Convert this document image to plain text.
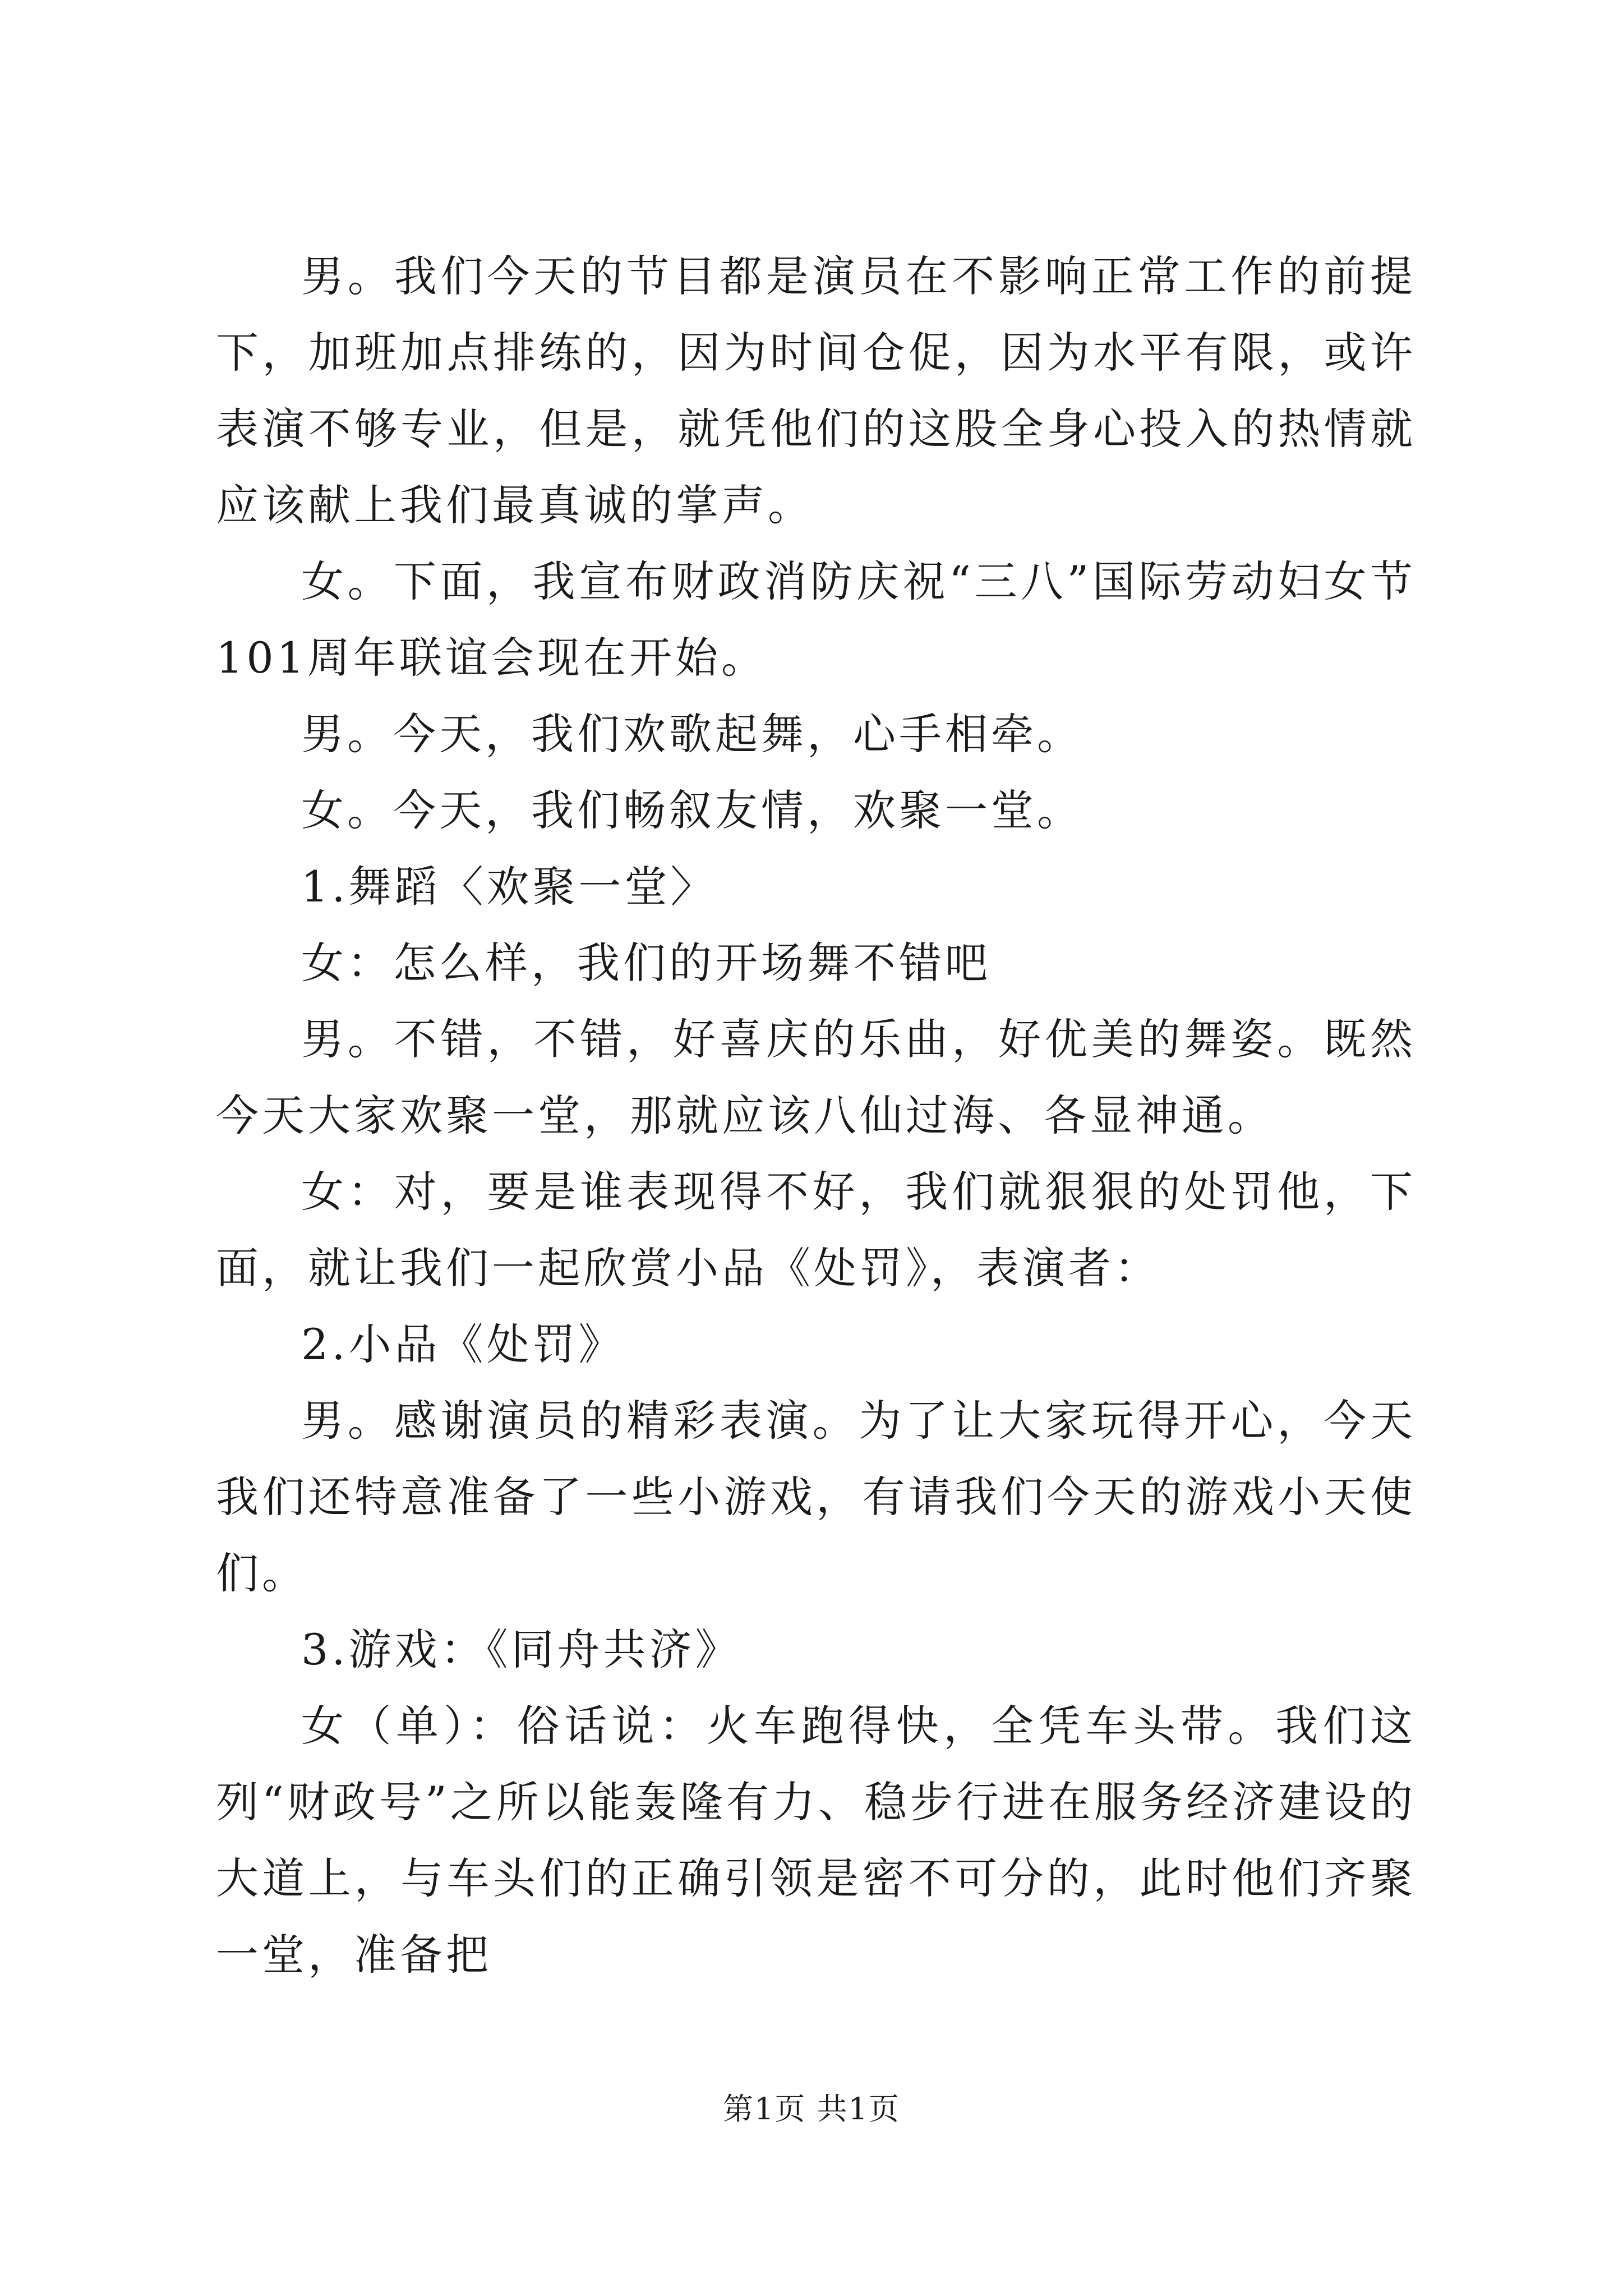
男。我们今天的节目都是演员在不影响正常工作的前提下，加班加点排练的，因为时间仓促，因为水平有限，或许表演不够专业，但是，就凭他们的这股全身心投入的热情就应该献上我们最真诚的掌声。

女。下面，我宣布财政消防庆祝“三八”国际劳动妇女节101周年联谊会现在开始。

男。今天，我们欢歌起舞，心手相牵。

女。今天，我们畅叙友情，欢聚一堂。

1.舞蹈〈欢聚一堂〉

女：怎么样，我们的开场舞不错吧

男。不错，不错，好喜庆的乐曲，好优美的舞姿。既然今天大家欢聚一堂，那就应该八仙过海、各显神通。

女：对，要是谁表现得不好，我们就狠狠的处罚他，下面，就让我们一起欣赏小品《处罚》，表演者：

2.小品《处罚》

男。感谢演员的精彩表演。为了让大家玩得开心，今天我们还特意准备了一些小游戏，有请我们今天的游戏小天使们。

3.游戏：《同舟共济》

女（单）：俗话说：火车跑得快，全凭车头带。我们这列“财政号”之所以能轰隆有力、稳步行进在服务经济建设的大道上，与车头们的正确引领是密不可分的，此时他们齐聚一堂，准备把

第1页 共1页
